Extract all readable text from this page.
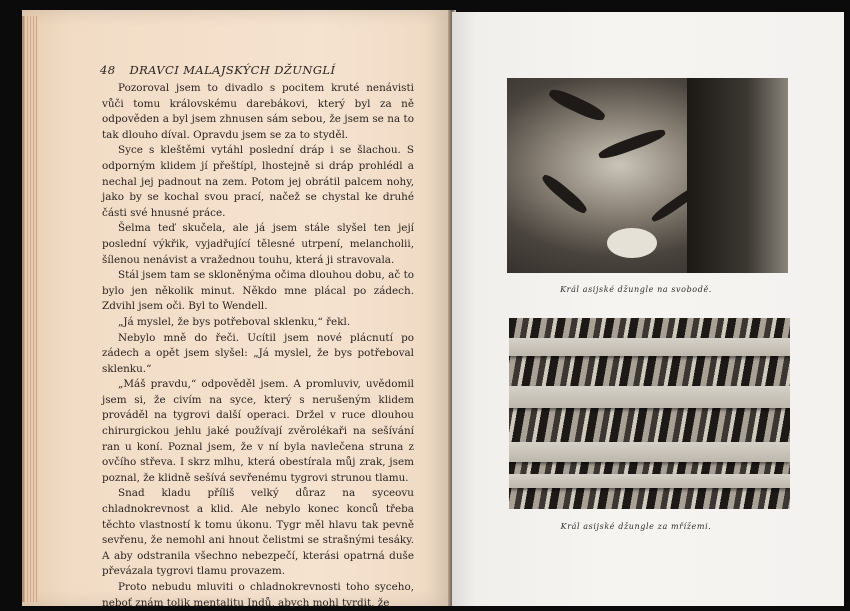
48 DRAVCI MALAJSKÝCH DŽUNGLÍ

Pozoroval jsem to divadlo s pocitem kruté nenávisti vůči tomu královskému darebákovi, který byl za ně odpověden a byl jsem zhnusen sám sebou, že jsem se na to tak dlouho díval. Opravdu jsem se za to styděl.

Syce s kleštěmi vytáhl poslední dráp i se šlachou. S odporným klidem jí přeštípl, lhostejně si dráp prohlédl a nechal jej padnout na zem. Potom jej obrátil palcem nohy, jako by se kochal svou prací, načež se chystal ke druhé části své hnusné práce.

Šelma teď skučela, ale já jsem stále slyšel ten její poslední výkřik, vyjadřující tělesné utrpení, melancholii, šílenou nenávist a vražednou touhu, která ji stravovala.

Stál jsem tam se skloněnýma očima dlouhou dobu, ač to bylo jen několik minut. Někdo mne plácal po zádech. Zdvihl jsem oči. Byl to Wendell.

„Já myslel, že bys potřeboval sklenku,“ řekl.

Nebylo mně do řeči. Ucítil jsem nové plácnutí po zádech a opět jsem slyšel: „Já myslel, že bys potřeboval sklenku.“

„Máš pravdu,“ odpověděl jsem. A promluviv, uvědomil jsem si, že civím na syce, který s nerušeným klidem prováděl na tygrovi další operaci. Držel v ruce dlouhou chirurgickou jehlu jaké používají zvěrolékaři na sešívání ran u koní. Poznal jsem, že v ní byla navlečena struna z ovčího střeva. I skrz mlhu, která obestírala můj zrak, jsem poznal, že klidně sešívá sevřenému tygrovi strunou tlamu.

Snad kladu příliš velký důraz na syceovu chladnokrevnost a klid. Ale nebylo konec konců třeba těchto vlastností k tomu úkonu. Tygr měl hlavu tak pevně sevřenu, že nemohl ani hnout čelistmi se strašnými tesáky. A aby odstranila všechno nebezpečí, kterási opatrná duše převázala tygrovi tlamu provazem.

Proto nebudu mluviti o chladnokrevnosti toho syceho, neboť znám tolik mentalitu Indů, abych mohl tvrdit, že

Král asijské džungle na svobodě.
Král asijské džungle za mřížemi.
